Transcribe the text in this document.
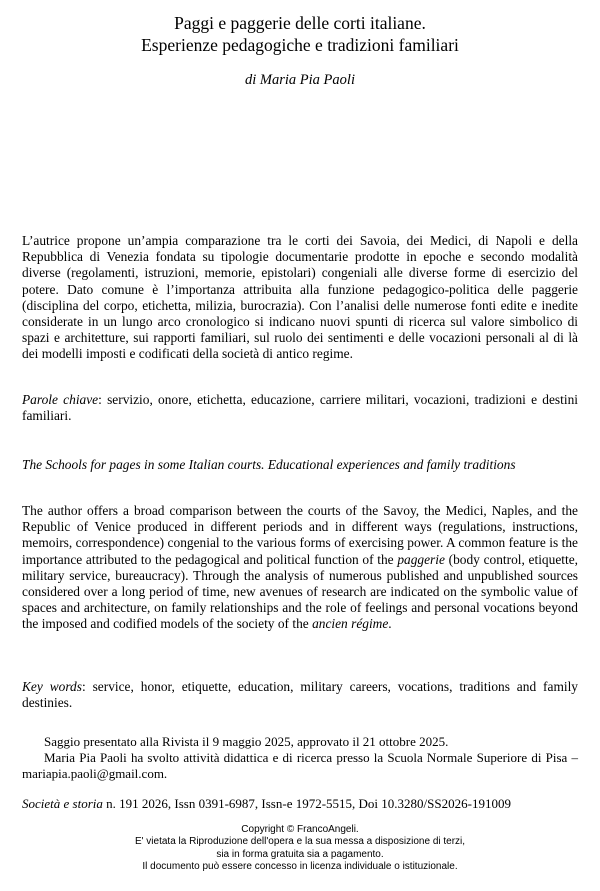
Paggi e paggerie delle corti italiane.
Esperienze pedagogiche e tradizioni familiari
di Maria Pia Paoli

L’autrice propone un’ampia comparazione tra le corti dei Savoia, dei Medici, di Napoli e della Repubblica di Venezia fondata su tipologie documentarie prodotte in epoche e secondo modalità diverse (regolamenti, istruzioni, memorie, epistolari) congeniali alle diverse forme di esercizio del potere. Dato comune è l’importanza attribuita alla funzione pedagogico-politica delle paggerie (disciplina del corpo, etichetta, milizia, burocrazia). Con l’analisi delle numerose fonti edite e inedite considerate in un lungo arco cronologico si indicano nuovi spunti di ricerca sul valore simbolico di spazi e architetture, sui rapporti familiari, sul ruolo dei sentimenti e delle vocazioni personali al di là dei modelli imposti e codificati della società di antico regime.

Parole chiave: servizio, onore, etichetta, educazione, carriere militari, vocazioni, tradizioni e destini familiari.

The Schools for pages in some Italian courts. Educational experiences and family traditions

The author offers a broad comparison between the courts of the Savoy, the Medici, Naples, and the Republic of Venice produced in different periods and in different ways (regulations, instructions, memoirs, correspondence) congenial to the various forms of exercising power. A common feature is the importance attributed to the pedagogical and political function of the paggerie (body control, etiquette, military service, bureaucracy). Through the analysis of numerous published and unpublished sources considered over a long period of time, new avenues of research are indicated on the symbolic value of spaces and architecture, on family relationships and the role of feelings and personal vocations beyond the imposed and codified models of the society of the ancien régime.

Key words: service, honor, etiquette, education, military careers, vocations, traditions and family destinies.

Saggio presentato alla Rivista il 9 maggio 2025, approvato il 21 ottobre 2025.
Maria Pia Paoli ha svolto attività didattica e di ricerca presso la Scuola Normale Superiore di Pisa – mariapia.paoli@gmail.com.
Società e storia n. 191 2026, Issn 0391-6987, Issn-e 1972-5515, Doi 10.3280/SS2026-191009
Copyright © FrancoAngeli.
E' vietata la Riproduzione dell'opera e la sua messa a disposizione di terzi,
sia in forma gratuita sia a pagamento.
Il documento può essere concesso in licenza individuale o istituzionale.
